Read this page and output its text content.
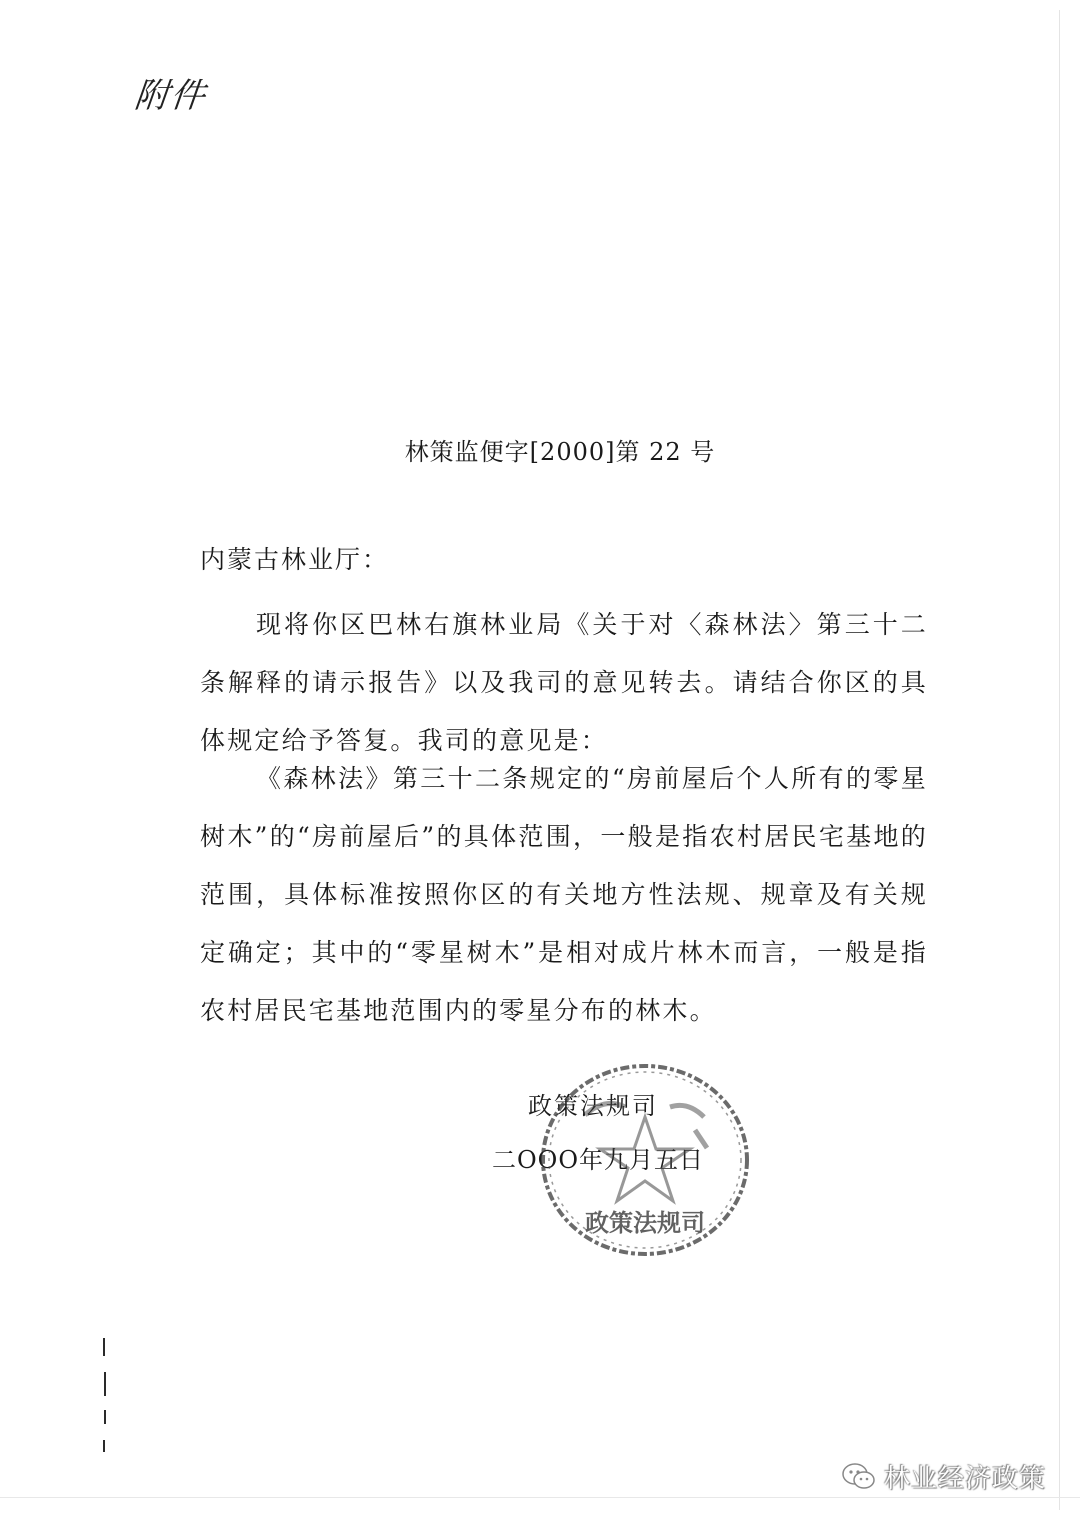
附件
林策监便字[2000]第 22 号
内蒙古林业厅：
现将你区巴林右旗林业局《关于对〈森林法〉第三十二条解释的请示报告》以及我司的意见转去。请结合你区的具体规定给予答复。我司的意见是：
《森林法》第三十二条规定的“房前屋后个人所有的零星树木”的“房前屋后”的具体范围，一般是指农村居民宅基地的范围，具体标准按照你区的有关地方性法规、规章及有关规定确定；其中的“零星树木”是相对成片林木而言，一般是指农村居民宅基地范围内的零星分布的林木。
政策法规司
二OOO年九月五日
政策法规司
林业经济政策
